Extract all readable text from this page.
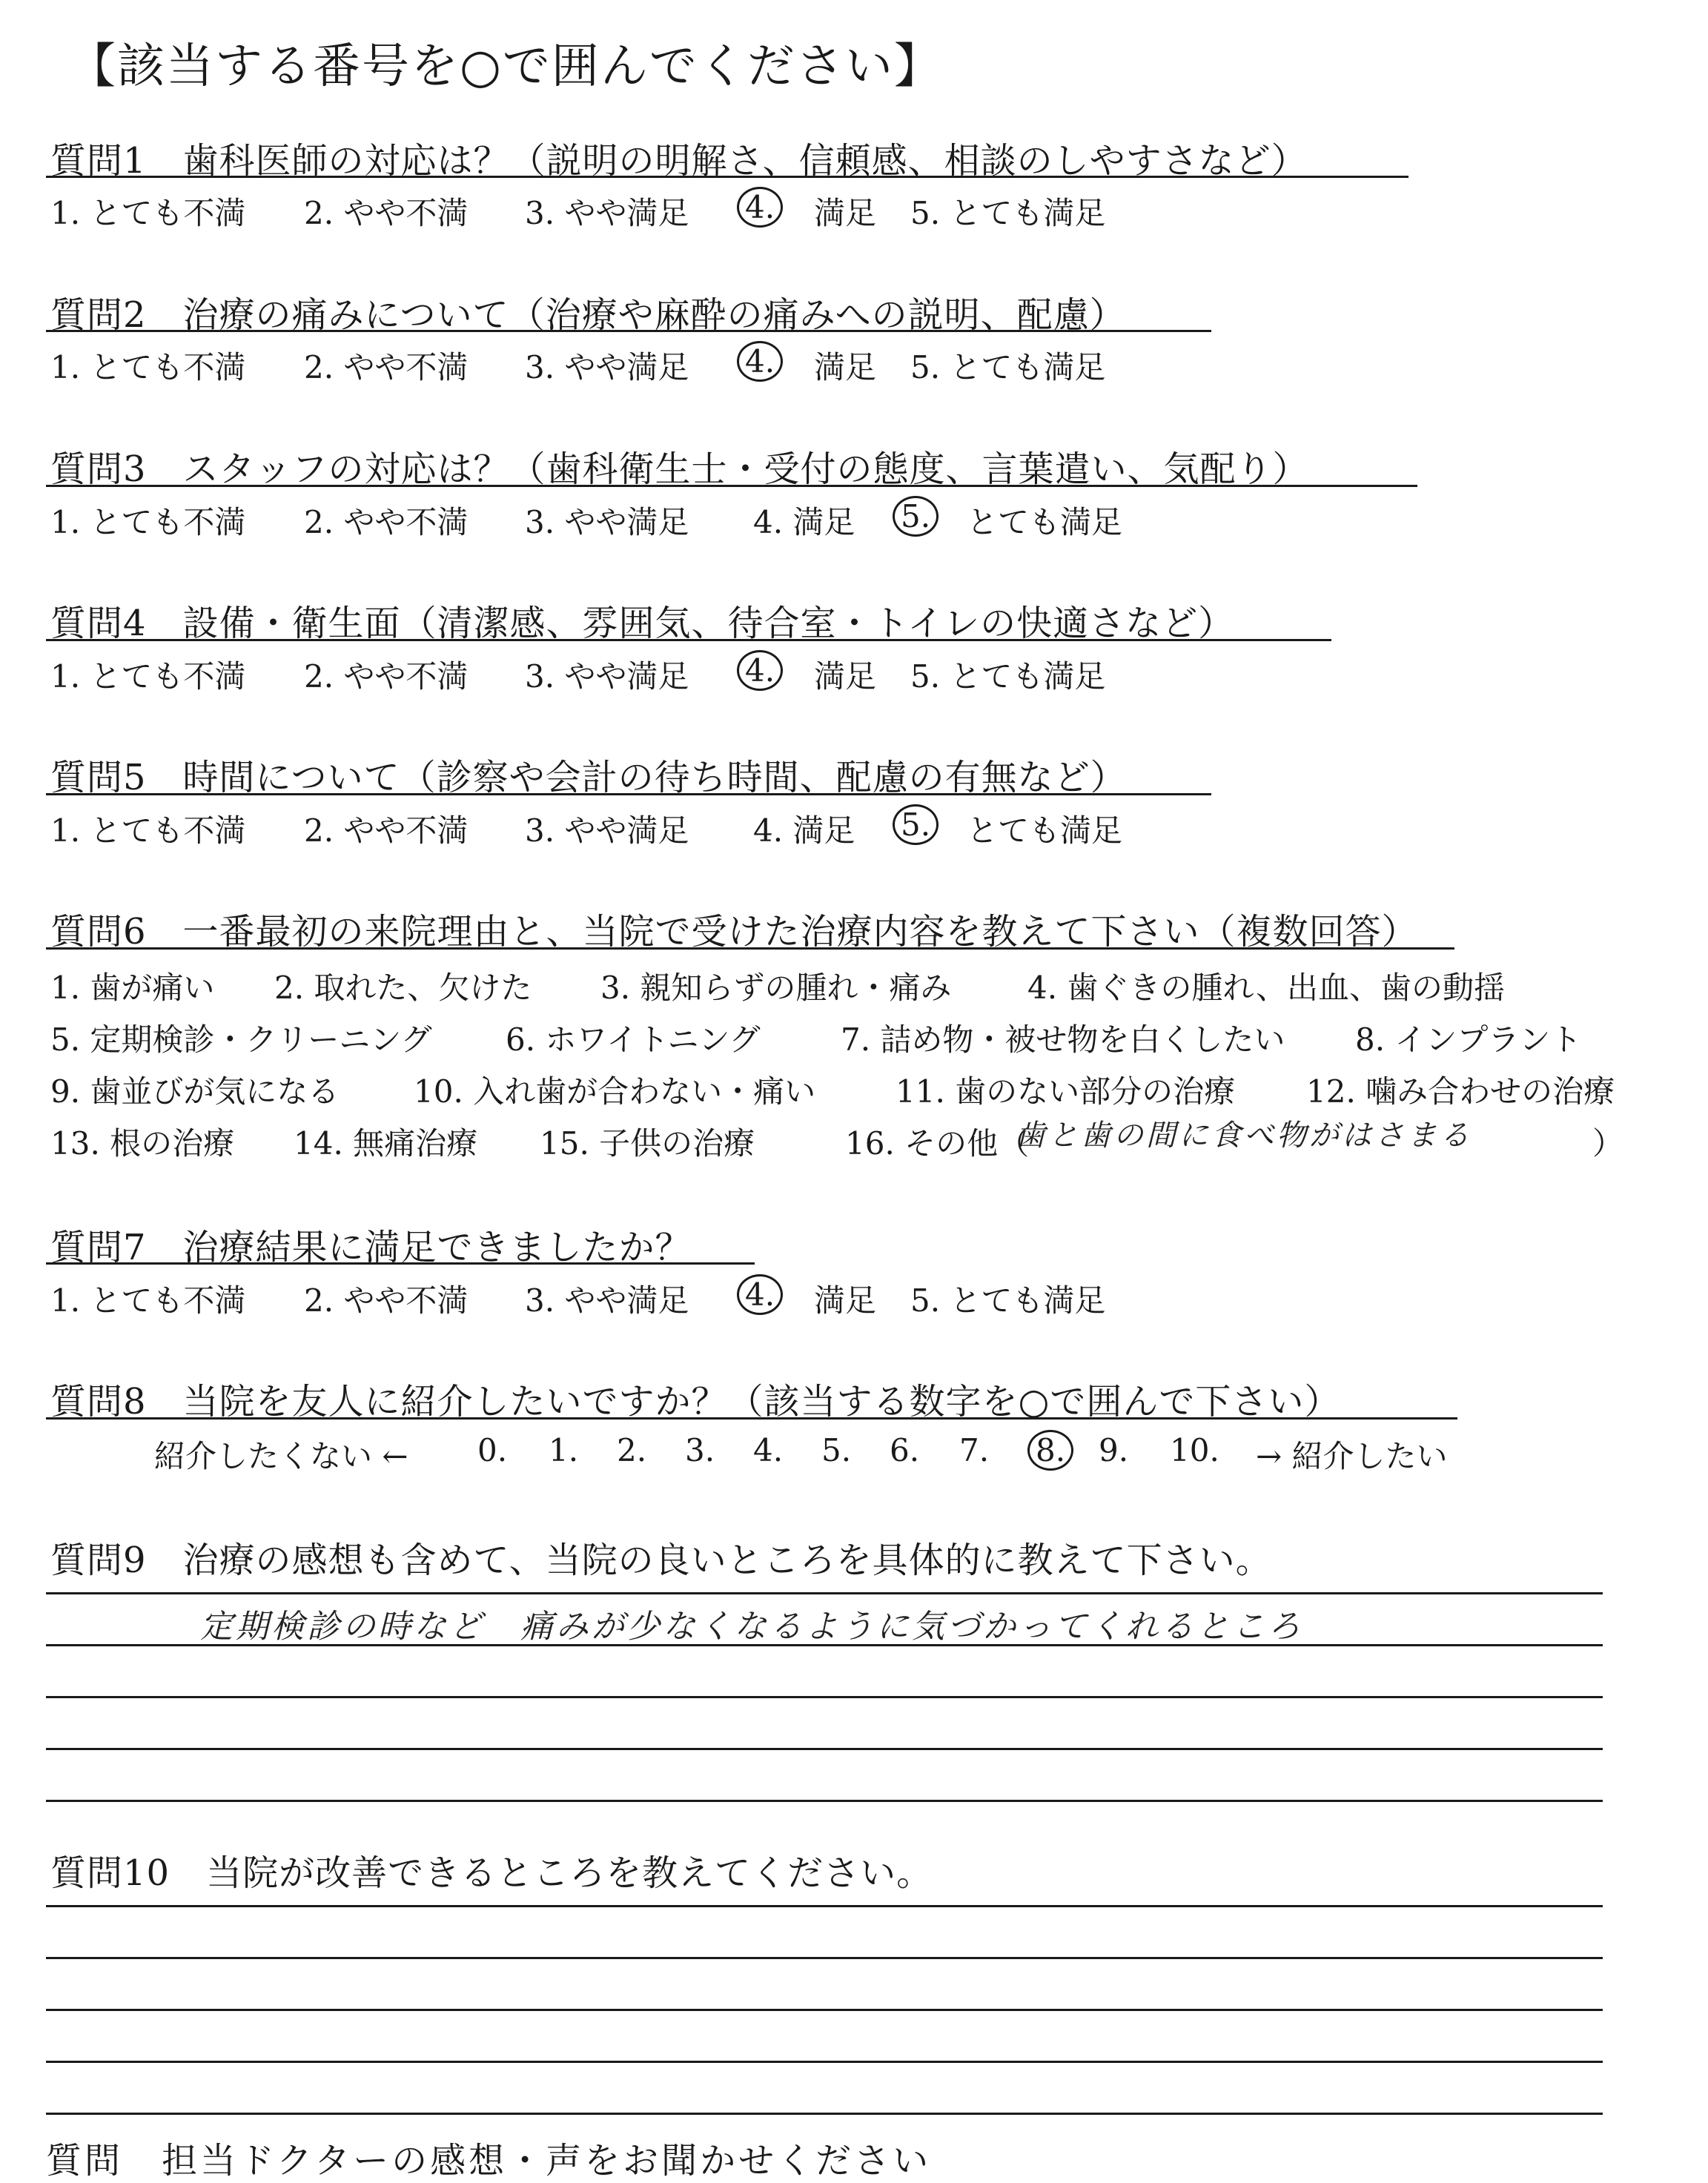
【該当する番号を○で囲んでください】
質問1　歯科医師の対応は？（説明の明解さ、信頼感、相談のしやすさなど）
1. とても不満 2. やや不満 3. やや満足 4. 満足 5. とても満足
質問2　治療の痛みについて（治療や麻酔の痛みへの説明、配慮）
1. とても不満 2. やや不満 3. やや満足 4. 満足 5. とても満足
質問3　スタッフの対応は？（歯科衛生士・受付の態度、言葉遣い、気配り）
1. とても不満 2. やや不満 3. やや満足 4. 満足 5. とても満足
質問4　設備・衛生面（清潔感、雰囲気、待合室・トイレの快適さなど）
1. とても不満 2. やや不満 3. やや満足 4. 満足 5. とても満足
質問5　時間について（診察や会計の待ち時間、配慮の有無など）
1. とても不満 2. やや不満 3. やや満足 4. 満足 5. とても満足
質問6　一番最初の来院理由と、当院で受けた治療内容を教えて下さい（複数回答）
1. 歯が痛い 2. 取れた、欠けた 3. 親知らずの腫れ・痛み 4. 歯ぐきの腫れ、出血、歯の動揺
5. 定期検診・クリーニング 6. ホワイトニング	7. 詰め物・被せ物を白くしたい 8. インプラント
9. 歯並びが気になる 10. 入れ歯が合わない・痛い	11. 歯のない部分の治療 12. 噛み合わせの治療
13. 根の治療 14. 無痛治療 15. 子供の治療	16. その他（
歯と歯の間に食べ物がはさまる	）
質問7　治療結果に満足できましたか？
1. とても不満 2. やや不満 3. やや満足 4. 満足 5. とても満足
質問8　当院を友人に紹介したいですか？（該当する数字を○で囲んで下さい）
紹介したくない ← 0. 1. 2. 3. 4. 5. 6. 7. 8. 9. 10. → 紹介したい
質問9　治療の感想も含めて、当院の良いところを具体的に教えて下さい。
定期検診の時など　痛みが少なくなるように気づかってくれるところ
質問10　当院が改善できるところを教えてください。
質問　担当ドクターの感想・声をお聞かせください
